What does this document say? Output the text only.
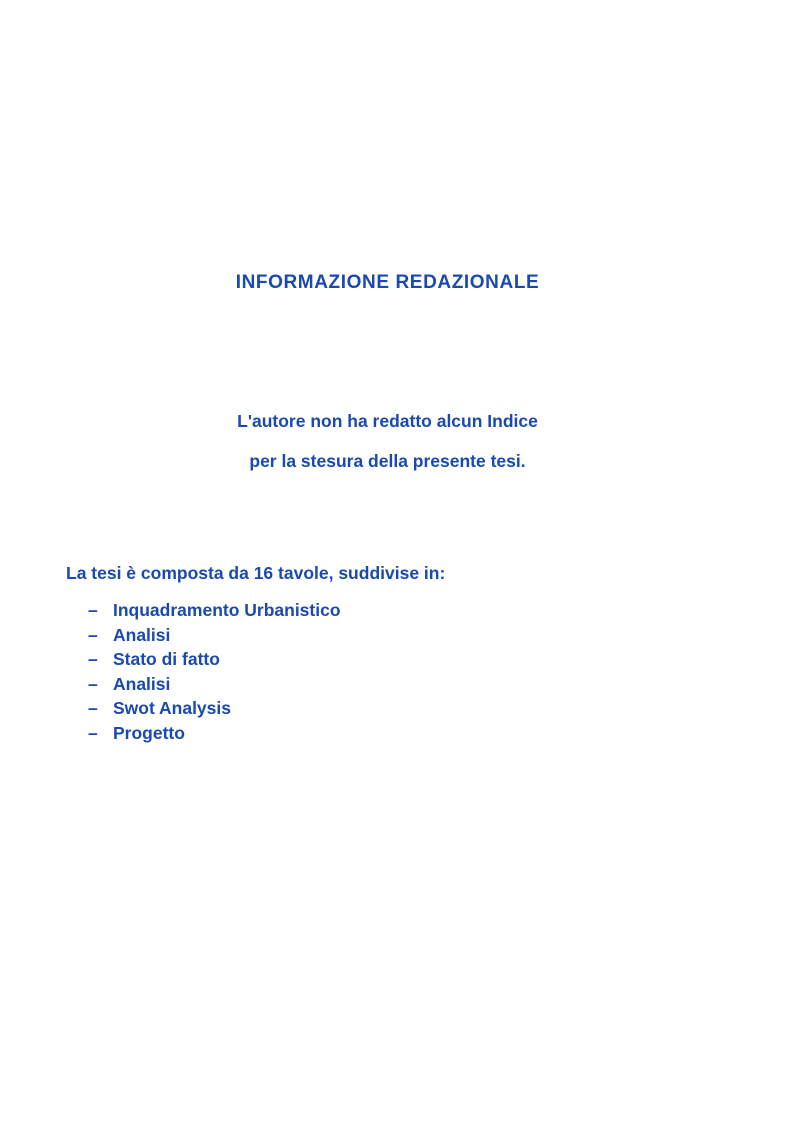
INFORMAZIONE REDAZIONALE

L'autore non ha redatto alcun Indice

per la stesura della presente tesi.

La tesi è composta da 16 tavole, suddivise in:

– Inquadramento Urbanistico
– Analisi
– Stato di fatto
– Analisi
– Swot Analysis
– Progetto
